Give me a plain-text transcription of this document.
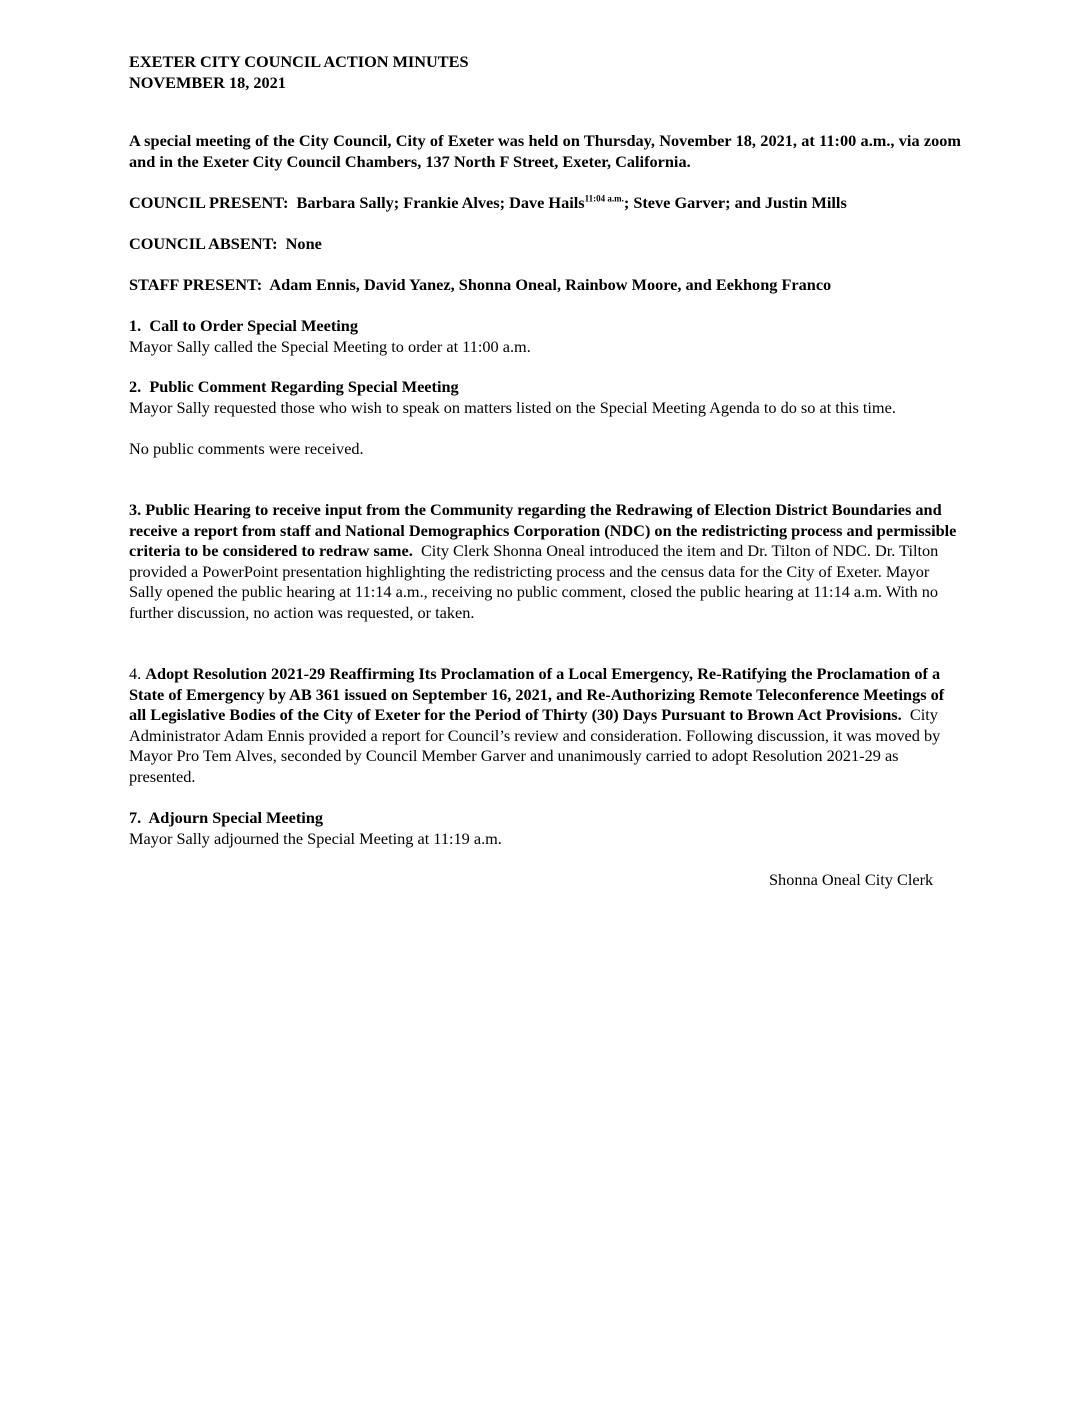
EXETER CITY COUNCIL ACTION MINUTES

NOVEMBER 18, 2021

A special meeting of the City Council, City of Exeter was held on Thursday, November 18, 2021, at 11:00 a.m., via zoom and in the Exeter City Council Chambers, 137 North F Street, Exeter, California.

COUNCIL PRESENT: Barbara Sally; Frankie Alves; Dave Hails$^{11:04 a.m.}$; Steve Garver; and Justin Mills

COUNCIL ABSENT: None

STAFF PRESENT: Adam Ennis, David Yanez, Shonna Oneal, Rainbow Moore, and Eekhong Franco

1.  Call to Order Special Meeting

Mayor Sally called the Special Meeting to order at 11:00 a.m.

2.  Public Comment Regarding Special Meeting

Mayor Sally requested those who wish to speak on matters listed on the Special Meeting Agenda to do so at this time.

No public comments were received.

3. Public Hearing to receive input from the Community regarding the Redrawing of Election District Boundaries and receive a report from staff and National Demographics Corporation (NDC) on the redistricting process and permissible criteria to be considered to redraw same. City Clerk Shonna Oneal introduced the item and Dr. Tilton of NDC. Dr. Tilton provided a PowerPoint presentation highlighting the redistricting process and the census data for the City of Exeter. Mayor Sally opened the public hearing at 11:14 a.m., receiving no public comment, closed the public hearing at 11:14 a.m. With no further discussion, no action was requested, or taken.

4. Adopt Resolution 2021-29 Reaffirming Its Proclamation of a Local Emergency, Re-Ratifying the Proclamation of a State of Emergency by AB 361 issued on September 16, 2021, and Re-Authorizing Remote Teleconference Meetings of all Legislative Bodies of the City of Exeter for the Period of Thirty (30) Days Pursuant to Brown Act Provisions. City Administrator Adam Ennis provided a report for Council’s review and consideration. Following discussion, it was moved by Mayor Pro Tem Alves, seconded by Council Member Garver and unanimously carried to adopt Resolution 2021-29 as presented.

7.  Adjourn Special Meeting

Mayor Sally adjourned the Special Meeting at 11:19 a.m.

Shonna Oneal City Clerk
